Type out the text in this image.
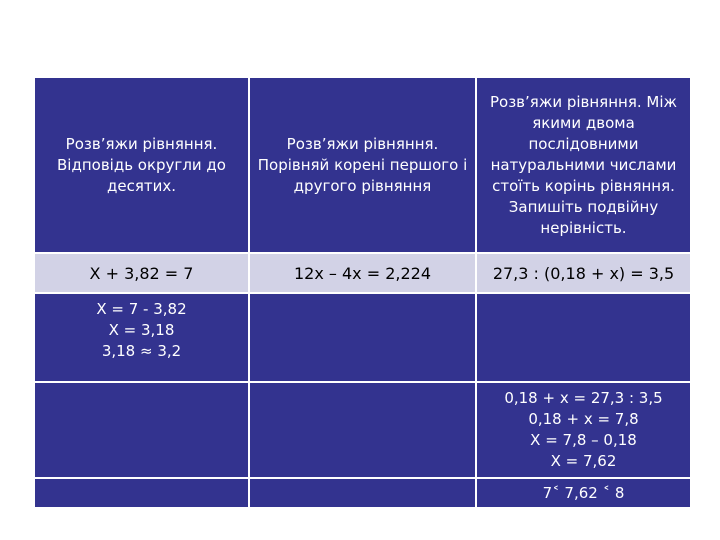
Розв’яжи рівняння. Відповідь округли до десятих.
Розв’яжи рівняння. Порівняй корені першого і другого рівняння
Розв’яжи рівняння. Між якими двома послідовними натуральними числами стоїть корінь рівняння. Запишіть подвійну нерівність.
Х + 3,82 = 7	12х – 4х = 2,224	27,3 : (0,18 + х) = 3,5
Х = 7 - 3,82
Х = 3,18
3,18 ≈ 3,2
0,18 + х = 27,3 : 3,5
0,18 + х = 7,8
Х = 7,8 – 0,18
Х = 7,62
7˂ 7,62 ˂ 8
